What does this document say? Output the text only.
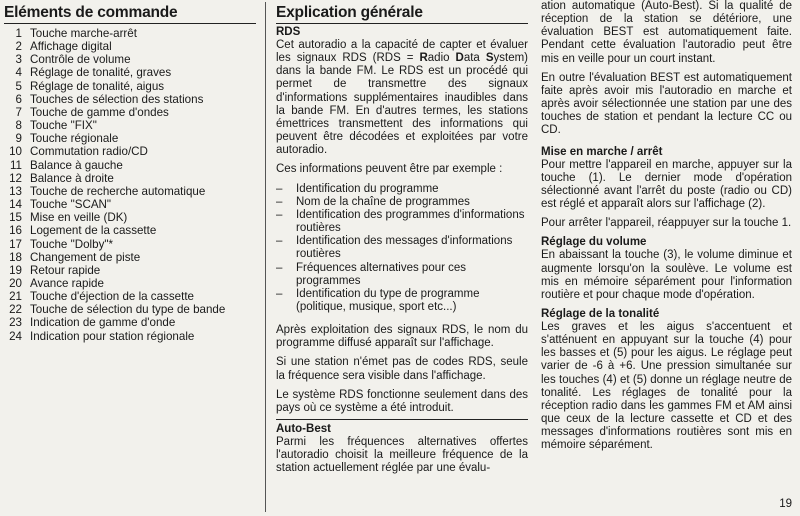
Eléments de commande
1 Touche marche-arrêt
2 Affichage digital
3 Contrôle de volume
4 Réglage de tonalité, graves
5 Réglage de tonalité, aigus
6 Touches de sélection des stations
7 Touche de gamme d'ondes
8 Touche "FIX"
9 Touche régionale
10 Commutation radio/CD
11 Balance à gauche
12 Balance à droite
13 Touche de recherche automatique
14 Touche "SCAN"
15 Mise en veille (DK)
16 Logement de la cassette
17 Touche "Dolby"*
18 Changement de piste
19 Retour rapide
20 Avance rapide
21 Touche d'éjection de la cassette
22 Touche de sélection du type de bande
23 Indication de gamme d'onde
24 Indication pour station régionale
Explication générale
RDS

Cet autoradio a la capacité de capter et évaluer les signaux RDS (RDS = Radio Data System) dans la bande FM. Le RDS est un procédé qui permet de transmettre des signaux d'informations supplémentaires inaudibles dans la bande FM. En d'autres termes, les stations émettrices transmettent des informations qui peuvent être décodées et exploitées par votre autoradio.

Ces informations peuvent être par exemple :

–	Identification du programme
–	Nom de la chaîne de programmes
–	Identification des programmes d'informations routières
–	Identification des messages d'informations routières
–	Fréquences alternatives pour ces programmes
–	Identification du type de programme (politique, musique, sport etc...)

Après exploitation des signaux RDS, le nom du programme diffusé apparaît sur l'affichage.

Si une station n'émet pas de codes RDS, seule la fréquence sera visible dans l'affichage.

Le système RDS fonctionne seulement dans des pays où ce système a été introduit.

Auto-Best

Parmi les fréquences alternatives offertes l'autoradio choisit la meilleure fréquence de la station actuellement réglée par une évalu-

ation automatique (Auto-Best). Si la qualité de réception de la station se détériore, une évaluation BEST est automatiquement faite. Pendant cette évaluation l'autoradio peut être mis en veille pour un court instant.

En outre l'évaluation BEST est automatiquement faite après avoir mis l'autoradio en marche et après avoir sélectionnée une station par une des touches de station et pendant la lecture CC ou CD.

Mise en marche / arrêt

Pour mettre l'appareil en marche, appuyer sur la touche (1). Le dernier mode d'opération sélectionné avant l'arrêt du poste (radio ou CD) est réglé et apparaît alors sur l'affichage (2).

Pour arrêter l'appareil, réappuyer sur la touche 1.

Réglage du volume

En abaissant la touche (3), le volume diminue et augmente lorsqu'on la soulève. Le volume est mis en mémoire séparément pour l'information routière et pour chaque mode d'opération.

Réglage de la tonalité

Les graves et les aigus s'accentuent et s'atténuent en appuyant sur la touche (4) pour les basses et (5) pour les aigus. Le réglage peut varier de -6 à +6. Une pression simultanée sur les touches (4) et (5) donne un réglage neutre de tonalité. Les réglages de tonalité pour la réception radio dans les gammes FM et AM ainsi que ceux de la lecture cassette et CD et des messages d'informations routières sont mis en mémoire séparément.

19
